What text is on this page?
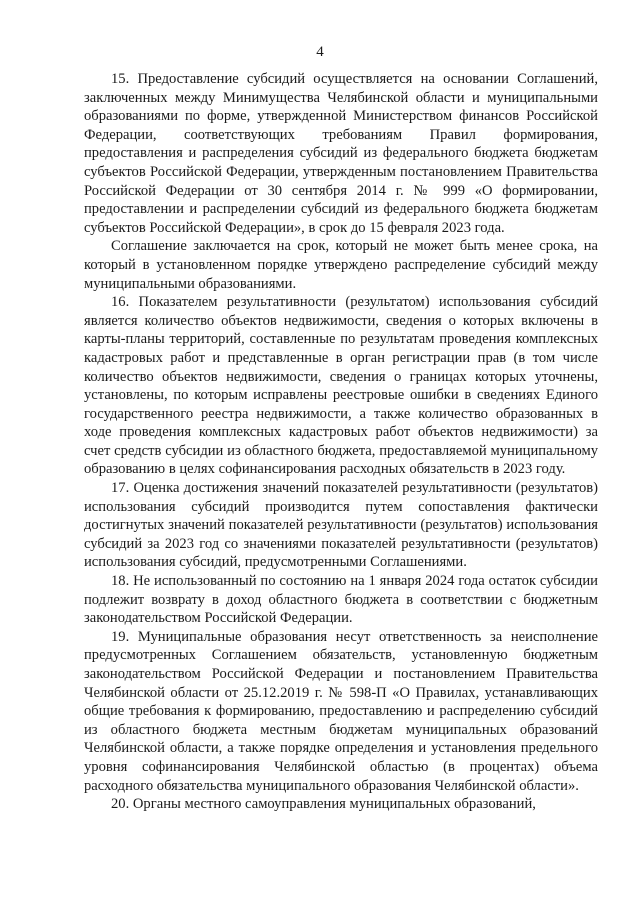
4

15. Предоставление субсидий осуществляется на основании Соглашений, заключенных между Минимущества Челябинской области и муниципальными образованиями по форме, утвержденной Министерством финансов Российской Федерации, соответствующих требованиям Правил формирования, предоставления и распределения субсидий из федерального бюджета бюджетам субъектов Российской Федерации, утвержденным постановлением Правительства Российской Федерации от 30 сентября 2014 г. № 999 «О формировании, предоставлении и распределении субсидий из федерального бюджета бюджетам субъектов Российской Федерации», в срок до 15 февраля 2023 года.

Соглашение заключается на срок, который не может быть менее срока, на который в установленном порядке утверждено распределение субсидий между муниципальными образованиями.

16. Показателем результативности (результатом) использования субсидий является количество объектов недвижимости, сведения о которых включены в карты-планы территорий, составленные по результатам проведения комплексных кадастровых работ и представленные в орган регистрации прав (в том числе количество объектов недвижимости, сведения о границах которых уточнены, установлены, по которым исправлены реестровые ошибки в сведениях Единого государственного реестра недвижимости, а также количество образованных в ходе проведения комплексных кадастровых работ объектов недвижимости) за счет средств субсидии из областного бюджета, предоставляемой муниципальному образованию в целях софинансирования расходных обязательств в 2023 году.

17. Оценка достижения значений показателей результативности (результатов) использования субсидий производится путем сопоставления фактически достигнутых значений показателей результативности (результатов) использования субсидий за 2023 год со значениями показателей результативности (результатов) использования субсидий, предусмотренными Соглашениями.

18. Не использованный по состоянию на 1 января 2024 года остаток субсидии подлежит возврату в доход областного бюджета в соответствии с бюджетным законодательством Российской Федерации.

19. Муниципальные образования несут ответственность за неисполнение предусмотренных Соглашением обязательств, установленную бюджетным законодательством Российской Федерации и постановлением Правительства Челябинской области от 25.12.2019 г. № 598-П «О Правилах, устанавливающих общие требования к формированию, предоставлению и распределению субсидий из областного бюджета местным бюджетам муниципальных образований Челябинской области, а также порядке определения и установления предельного уровня софинансирования Челябинской областью (в процентах) объема расходного обязательства муниципального образования Челябинской области».

20. Органы местного самоуправления муниципальных образований,
